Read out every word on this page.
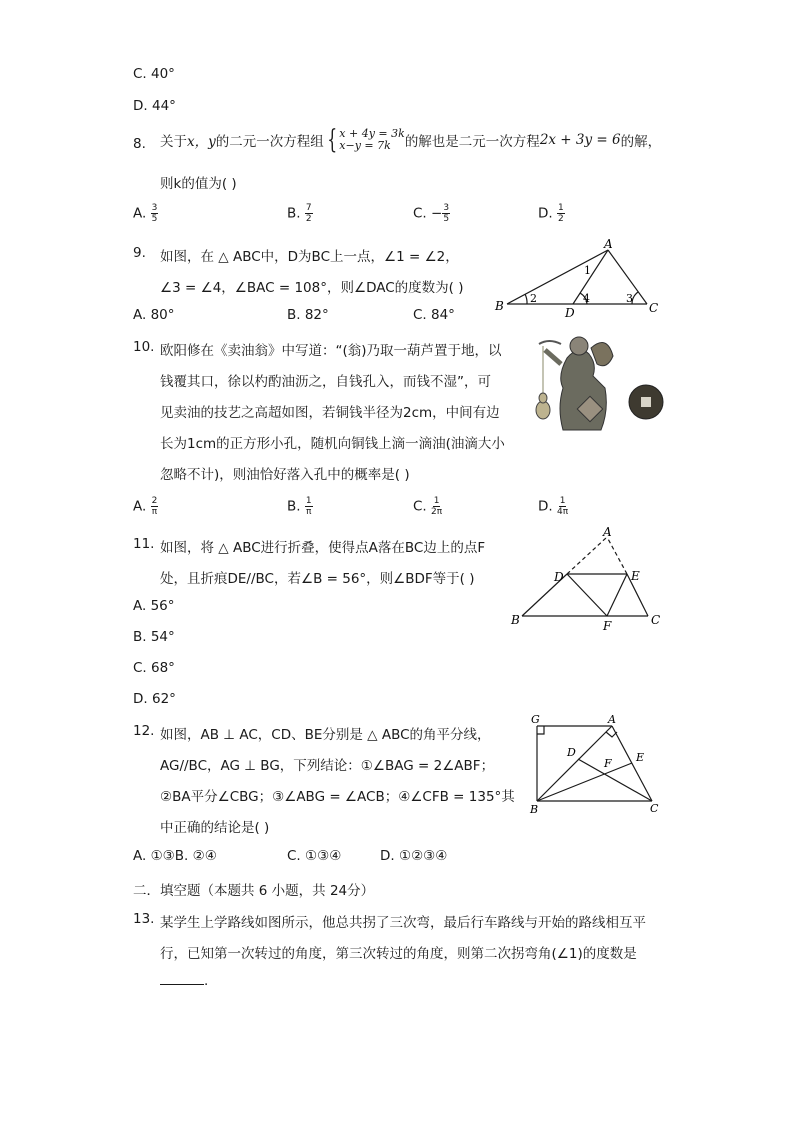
C. 40°
D. 44°
8. 关于 x，y 的二元一次方程组 { x + 4y = 3k
x−y = 7k	的解也是二元一次方程 2x + 3y = 6 的解，
则k的值为( )
A. $\frac{3}{5}$	B. $\frac{7}{2}$	C. − $\frac{3}{5}$	D. $\frac{1}{2}$
9. 如图，在 △ ABC中，D为BC上一点，∠1 = ∠2，
∠3 = ∠4，∠BAC = 108°，则∠DAC的度数为( )
A. 80°	B. 82°	C. 84°
A
B	C
D
1
2	3
4
10. 欧阳修在《卖油翁》中写道：“(翁)乃取一葫芦置于地，以
钱覆其口，徐以杓酌油沥之，自钱孔入，而钱不湿”，可
见卖油的技艺之高超如图，若铜钱半径为2cm，中间有边
长为1cm的正方形小孔，随机向铜钱上滴一滴油(油滴大小
忽略不计)，则油恰好落入孔中的概率是( )
A. $\frac{2}{\pi}$	B. $\frac{1}{\pi}$	C. $\frac{1}{2\pi}$	D. $\frac{1}{4\pi}$
11. 如图，将 △ ABC进行折叠，使得点A落在BC边上的点F
处，且折痕DE//BC，若∠B = 56°，则∠BDF等于( )
A. 56°
B. 54°
C. 68°
D. 62°
A
B	C
D	E
F
12. 如图，AB ⊥ AC，CD、BE分别是 △ ABC的角平分线，
AG//BC，AG ⊥ BG，下列结论：①∠BAG = 2∠ABF；
②BA平分∠CBG；③∠ABG = ∠ACB；④∠CFB = 135°其
中正确的结论是( )
A. ①③B. ②④	C. ①③④	D. ①②③④
G	A
D	E
F
B	C
二．填空题（本题共 6 小题，共 24分）
13. 某学生上学路线如图所示，他总共拐了三次弯，最后行车路线与开始的路线相互平
行，已知第一次转过的角度，第三次转过的角度，则第二次拐弯角(∠1)的度数是
.
